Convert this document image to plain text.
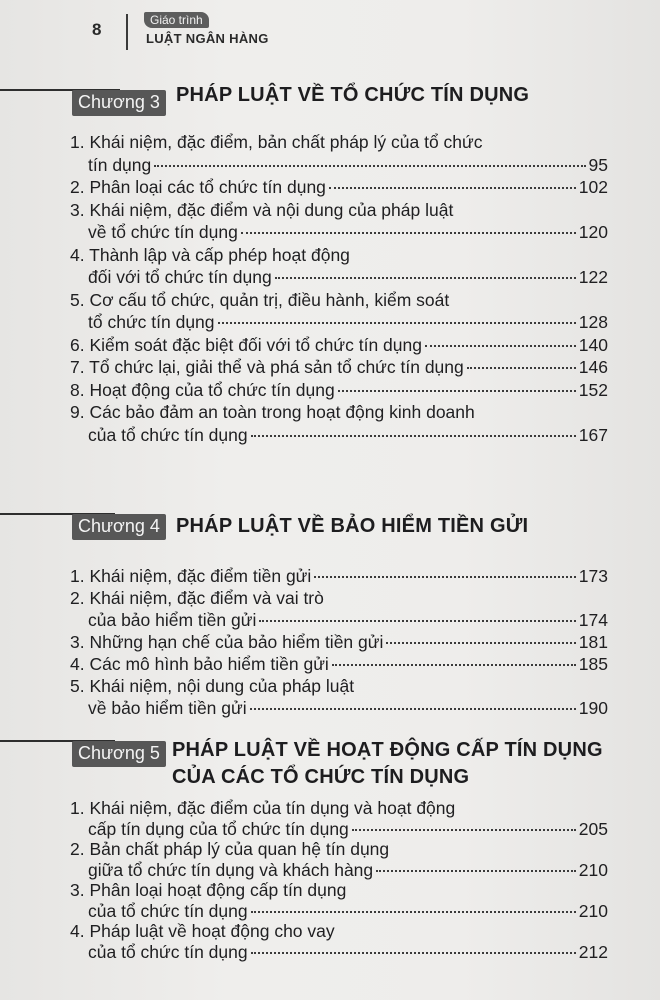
8	Giáo trình
LUẬT NGÂN HÀNG
Chương 3 PHÁP LUẬT VỀ TỔ CHỨC TÍN DỤNG
1. Khái niệm, đặc điểm, bản chất pháp lý của tổ chức
tín dụng	95
2. Phân loại các tổ chức tín dụng	102
3. Khái niệm, đặc điểm và nội dung của pháp luật
về tổ chức tín dụng	120
4. Thành lập và cấp phép hoạt động
đối với tổ chức tín dụng	122
5. Cơ cấu tổ chức, quản trị, điều hành, kiểm soát
tổ chức tín dụng	128
6. Kiểm soát đặc biệt đối với tổ chức tín dụng	140
7. Tổ chức lại, giải thể và phá sản tổ chức tín dụng	146
8. Hoạt động của tổ chức tín dụng	152
9. Các bảo đảm an toàn trong hoạt động kinh doanh
của tổ chức tín dụng	167
Chương 4 PHÁP LUẬT VỀ BẢO HIỂM TIỀN GỬI
1. Khái niệm, đặc điểm tiền gửi	173
2. Khái niệm, đặc điểm và vai trò
của bảo hiểm tiền gửi	174
3. Những hạn chế của bảo hiểm tiền gửi	181
4. Các mô hình bảo hiểm tiền gửi	185
5. Khái niệm, nội dung của pháp luật
về bảo hiểm tiền gửi	190
Chương 5 PHÁP LUẬT VỀ HOẠT ĐỘNG CẤP TÍN DỤNG
CỦA CÁC TỔ CHỨC TÍN DỤNG
1. Khái niệm, đặc điểm của tín dụng và hoạt động
cấp tín dụng của tổ chức tín dụng	205
2. Bản chất pháp lý của quan hệ tín dụng
giữa tổ chức tín dụng và khách hàng	210
3. Phân loại hoạt động cấp tín dụng
của tổ chức tín dụng	210
4. Pháp luật về hoạt động cho vay
của tổ chức tín dụng	212
